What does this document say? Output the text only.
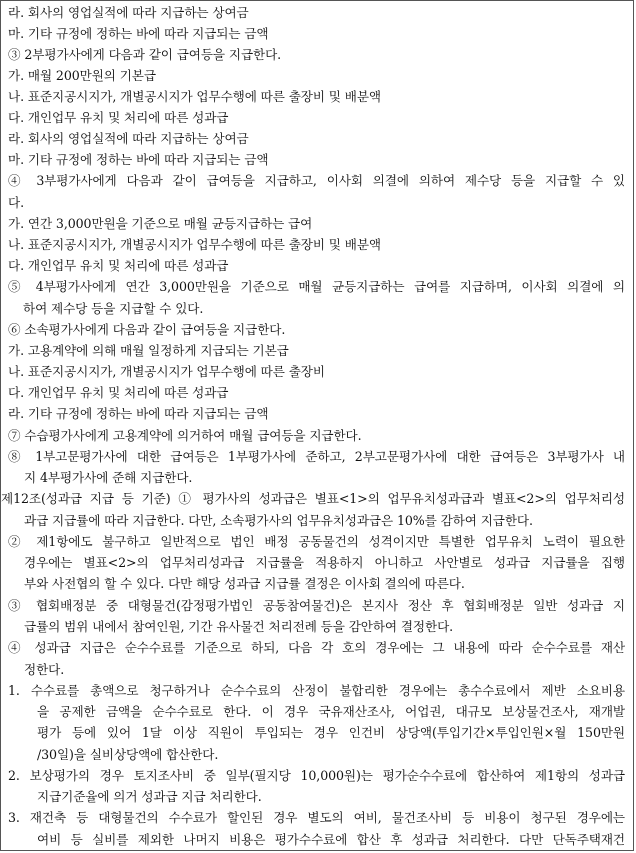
라. 회사의 영업실적에 따라 지급하는 상여금
마. 기타 규정에 정하는 바에 따라 지급되는 금액
③ 2부평가사에게 다음과 같이 급여등을 지급한다.
가. 매월 200만원의 기본급
나. 표준지공시지가, 개별공시지가 업무수행에 따른 출장비 및 배분액
다. 개인업무 유치 및 처리에 따른 성과급
라. 회사의 영업실적에 따라 지급하는 상여금
마. 기타 규정에 정하는 바에 따라 지급되는 금액
④ 3부평가사에게 다음과 같이 급여등을 지급하고, 이사회 의결에 의하여 제수당 등을 지급할 수 있
다.
가. 연간 3,000만원을 기준으로 매월 균등지급하는 급여
나. 표준지공시지가, 개별공시지가 업무수행에 따른 출장비 및 배분액
다. 개인업무 유치 및 처리에 따른 성과급
⑤ 4부평가사에게 연간 3,000만원을 기준으로 매월 균등지급하는 급여를 지급하며, 이사회 의결에 의
하여 제수당 등을 지급할 수 있다.
⑥ 소속평가사에게 다음과 같이 급여등을 지급한다.
가. 고용계약에 의해 매월 일정하게 지급되는 기본급
나. 표준지공시지가, 개별공시지가 업무수행에 따른 출장비
다. 개인업무 유치 및 처리에 따른 성과급
라. 기타 규정에 정하는 바에 따라 지급되는 금액
⑦ 수습평가사에게 고용계약에 의거하여 매월 급여등을 지급한다.
⑧ 1부고문평가사에 대한 급여등은 1부평가사에 준하고, 2부고문평가사에 대한 급여등은 3부평가사 내
지 4부평가사에 준해 지급한다.
제12조(성과급 지급 등 기준) ① 평가사의 성과급은 별표<1>의 업무유치성과급과 별표<2>의 업무처리성
과급 지급률에 따라 지급한다. 다만, 소속평가사의 업무유치성과급은 10%를 감하여 지급한다.
② 제1항에도 불구하고 일반적으로 법인 배정 공동물건의 성격이지만 특별한 업무유치 노력이 필요한
경우에는 별표<2>의 업무처리성과급 지급률을 적용하지 아니하고 사안별로 성과급 지급률을 집행
부와 사전협의 할 수 있다. 다만 해당 성과급 지급률 결정은 이사회 결의에 따른다.
③ 협회배정분 중 대형물건(감정평가법인 공동참여물건)은 본지사 정산 후 협회배정분 일반 성과급 지
급률의 범위 내에서 참여인원, 기간 유사물건 처리전례 등을 감안하여 결정한다.
④ 성과급 지급은 순수수료를 기준으로 하되, 다음 각 호의 경우에는 그 내용에 따라 순수수료를 재산
정한다.
1. 수수료를 총액으로 청구하거나 순수수료의 산정이 불합리한 경우에는 총수수료에서 제반 소요비용
을 공제한 금액을 순수수료로 한다. 이 경우 국유재산조사, 어업권, 대규모 보상물건조사, 재개발
평가 등에 있어 1달 이상 직원이 투입되는 경우 인건비 상당액(투입기간×투입인원×월 150만원
/30일)을 실비상당액에 합산한다.
2. 보상평가의 경우 토지조사비 중 일부(필지당 10,000원)는 평가순수수료에 합산하여 제1항의 성과급
지급기준율에 의거 성과급 지급 처리한다.
3. 재건축 등 대형물건의 수수료가 할인된 경우 별도의 여비, 물건조사비 등 비용이 청구된 경우에는
여비 등 실비를 제외한 나머지 비용은 평가수수료에 합산 후 성과급 처리한다. 다만 단독주택재건
